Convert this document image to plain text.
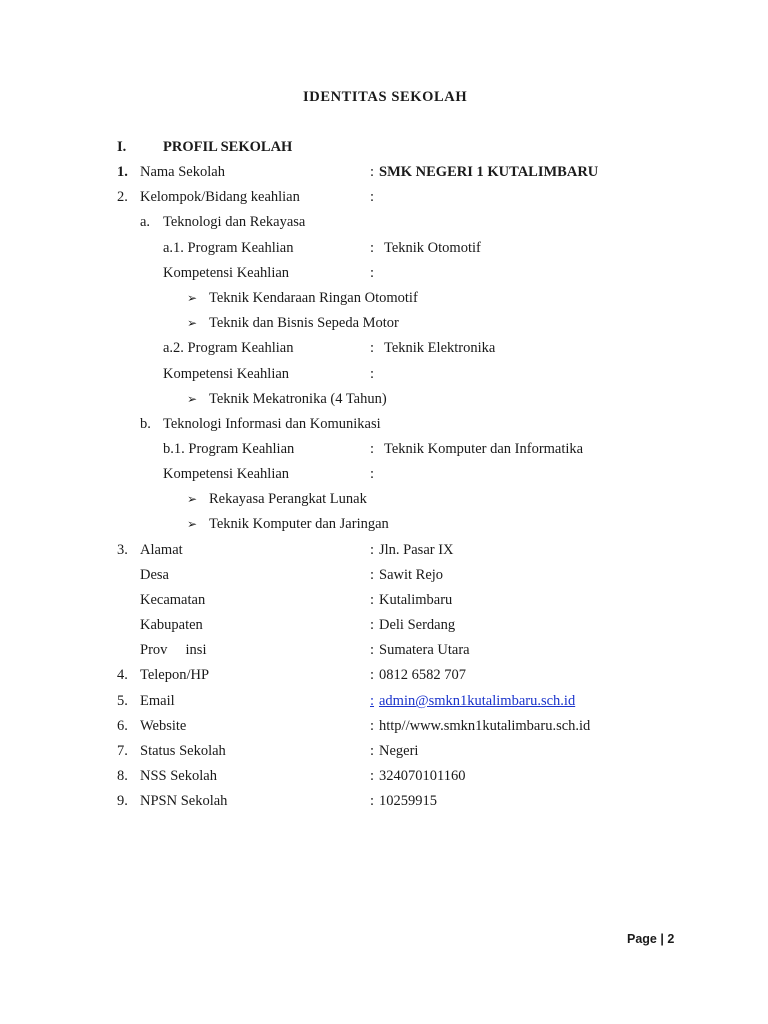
IDENTITAS SEKOLAH
I.	PROFIL SEKOLAH
1. Nama Sekolah	: SMK NEGERI 1 KUTALIMBARU
2. Kelompok/Bidang keahlian	:
a. Teknologi dan Rekayasa
a.1. Program Keahlian	: Teknik Otomotif
Kompetensi Keahlian	:
➢ Teknik Kendaraan Ringan Otomotif
➢ Teknik dan Bisnis Sepeda Motor
a.2. Program Keahlian	: Teknik Elektronika
Kompetensi Keahlian	:
➢ Teknik Mekatronika (4 Tahun)
b. Teknologi Informasi dan Komunikasi
b.1. Program Keahlian	: Teknik Komputer dan Informatika
Kompetensi Keahlian	:
➢ Rekayasa Perangkat Lunak
➢ Teknik Komputer dan Jaringan
3. Alamat	: Jln. Pasar IX
Desa	: Sawit Rejo
Kecamatan	: Kutalimbaru
Kabupaten	: Deli Serdang
Prov     insi	: Sumatera Utara
4. Telepon/HP	: 0812 6582 707
5. Email	: admin@smkn1kutalimbaru.sch.id
6. Website	: http//www.smkn1kutalimbaru.sch.id
7. Status Sekolah	: Negeri
8. NSS Sekolah	: 324070101160
9. NPSN Sekolah	: 10259915
Page | 2
